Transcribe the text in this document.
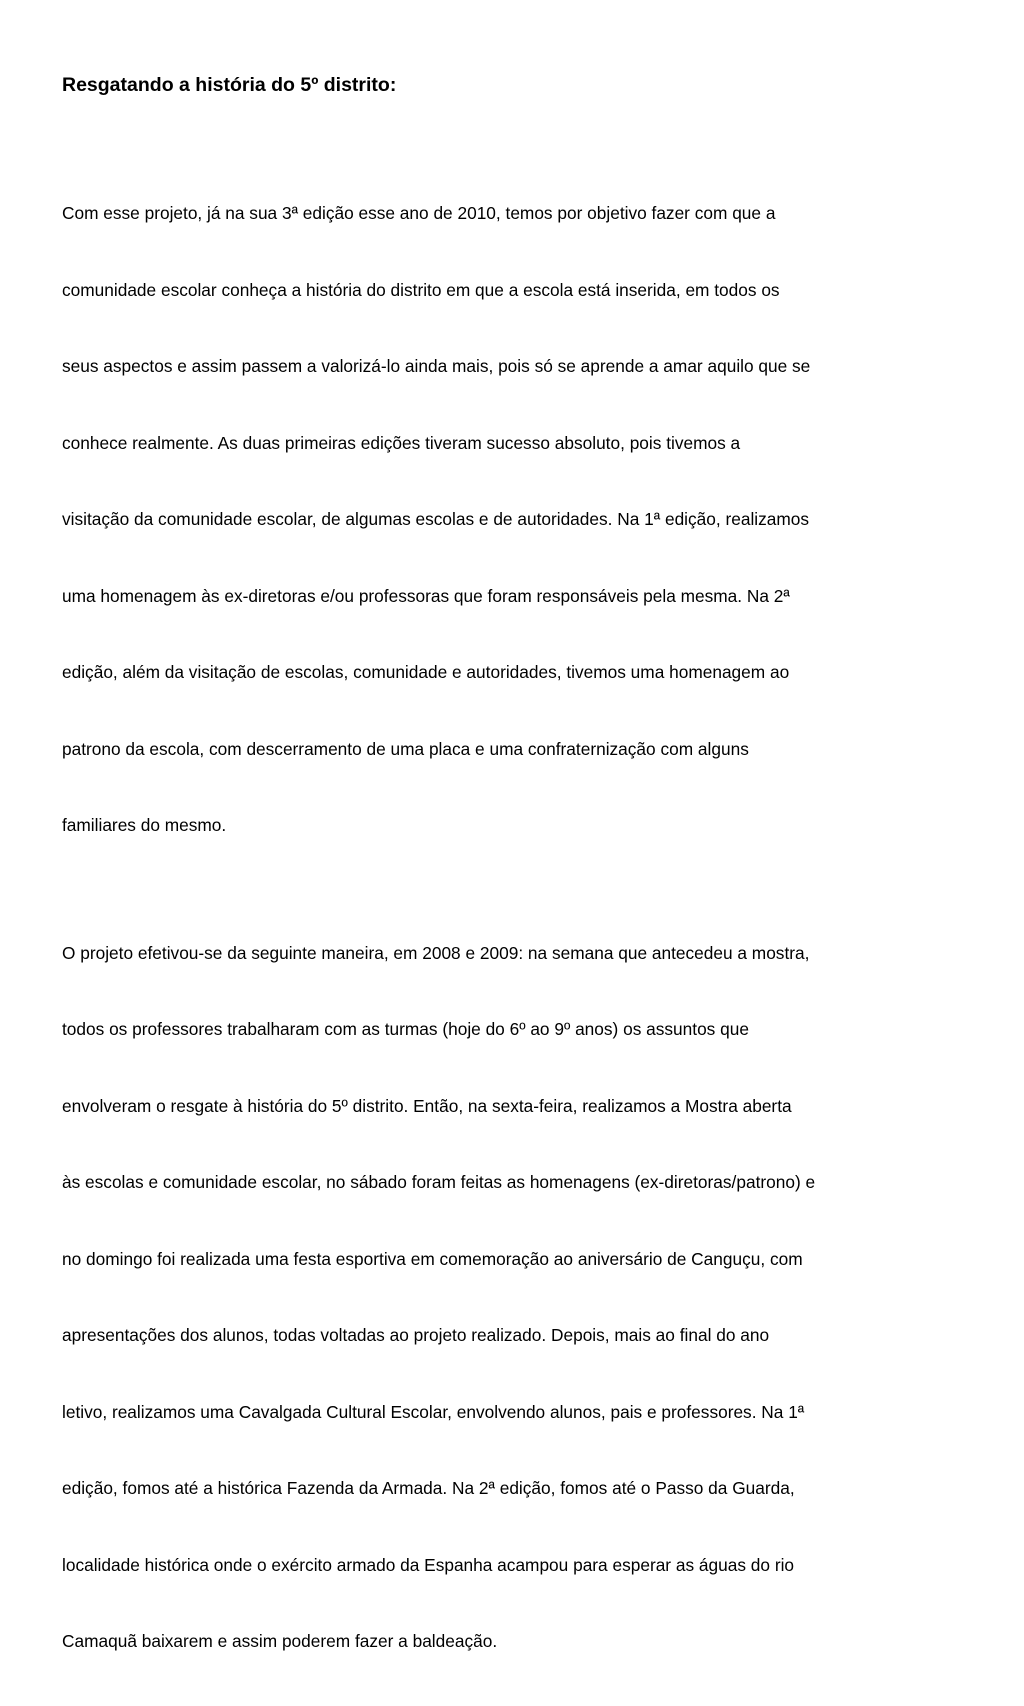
Resgatando a história do 5º distrito:

Com esse projeto, já na sua 3ª edição esse ano de 2010, temos por objetivo fazer com que a

comunidade escolar conheça a história do distrito em que a escola está inserida, em todos os

seus aspectos e assim passem a valorizá-lo ainda mais, pois só se aprende a amar aquilo que se

conhece realmente. As duas primeiras edições tiveram sucesso absoluto, pois tivemos a

visitação da comunidade escolar, de algumas escolas e de autoridades. Na 1ª edição, realizamos

uma homenagem às ex-diretoras e/ou professoras que foram responsáveis pela mesma. Na 2ª

edição, além da visitação de escolas, comunidade e autoridades, tivemos uma homenagem ao

patrono da escola, com descerramento de uma placa e uma confraternização com alguns

familiares do mesmo.

O projeto efetivou-se da seguinte maneira, em 2008 e 2009: na semana que antecedeu a mostra,

todos os professores trabalharam com as turmas (hoje do 6º ao 9º anos) os assuntos que

envolveram o resgate à história do 5º distrito. Então, na sexta-feira, realizamos a Mostra aberta

às escolas e comunidade escolar, no sábado foram feitas as homenagens (ex-diretoras/patrono) e

no domingo foi realizada uma festa esportiva em comemoração ao aniversário de Canguçu, com

apresentações dos alunos, todas voltadas ao projeto realizado. Depois, mais ao final do ano

letivo, realizamos uma Cavalgada Cultural Escolar, envolvendo alunos, pais e professores. Na 1ª

edição, fomos até a histórica Fazenda da Armada. Na 2ª edição, fomos até o Passo da Guarda,

localidade histórica onde o exército armado da Espanha acampou para esperar as águas do rio

Camaquã baixarem e assim poderem fazer a baldeação.
